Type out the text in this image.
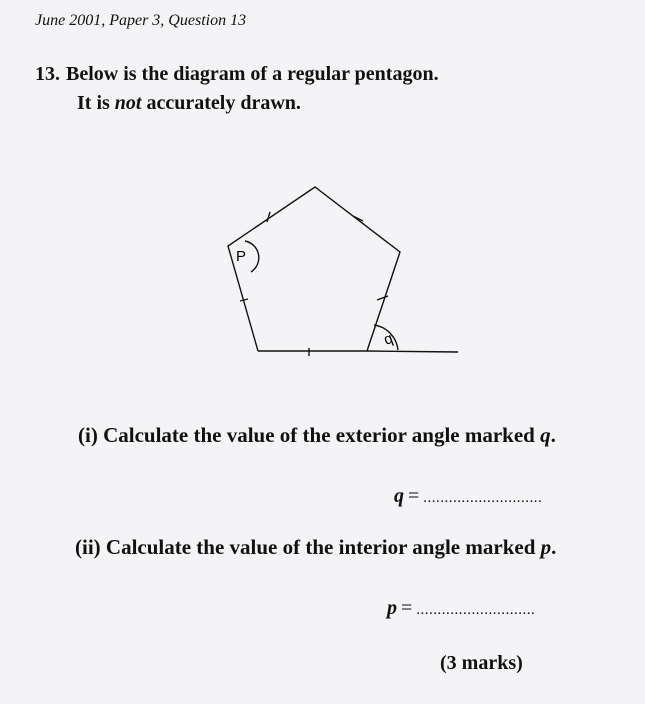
June 2001, Paper 3, Question 13
13. Below is the diagram of a regular pentagon.
It is not accurately drawn.
P
q
(i) Calculate the value of the exterior angle marked q.
q = ............................
(ii) Calculate the value of the interior angle marked p.
p = ............................
(3 marks)
